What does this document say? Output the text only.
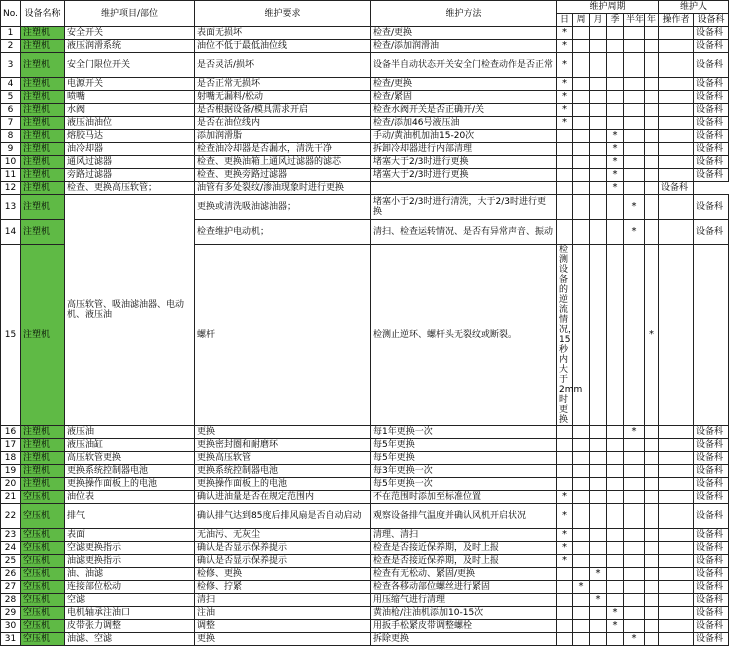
No.	设备名称	维护项目/部位	维护要求	维护方法	维护周期						维护人		
					日	周	月	季	半年	年	操作者	设备科	
1	注塑机	安全开关	表面无损坏	检查/更换	*							设备科	
2	注塑机	液压润滑系统	油位不低于最低油位线	检查/添加润滑油	*							设备科	
3	注塑机	安全门限位开关	是否灵活/损坏	设备半自动状态开关安全门检查动作是否正常	*							设备科	
4	注塑机	电源开关	是否正常无损坏	检查/更换	*							设备科	
5	注塑机	喷嘴	射嘴无漏料/松动	检查/紧固	*							设备科	
6	注塑机	水阀	是否根据设备/模具需求开启	检查水阀开关是否正确开/关	*							设备科	
7	注塑机	液压油油位	是否在油位线内	检查/添加46号液压油	*							设备科	
8	注塑机	熔胶马达	添加润滑脂	手动/黄油机加油15-20次				*				设备科	
9	注塑机	油冷却器	检查油冷却器是否漏水，清洗干净	拆卸冷却器进行内部清理				*				设备科	
10	注塑机	通风过滤器	检查、更换油箱上通风过滤器的滤芯	堵塞大于2/3时进行更换				*				设备科	
11	注塑机	旁路过滤器	检查、更换旁路过滤器	堵塞大于2/3时进行更换				*				设备科	
12	注塑机	检查、更换高压软管；	油管有多处裂纹/渗油现象时进行更换					*			设备科		
13	注塑机	高压软管、吸油滤油器、电动机、液压油	更换或清洗吸油滤油器；	堵塞小于2/3时进行清洗，大于2/3时进行更换					*			设备科	
14	注塑机		检查维护电动机；	清扫、检查运转情况、是否有异常声音、振动					*			设备科	
15	注塑机		螺杆	检测止逆环、螺杆头无裂纹或断裂。	检测设备的逆流情况，15秒内大于2mm时更换					*			
16	注塑机	液压油	更换	每1年更换一次					*			设备科	
17	注塑机	液压油缸	更换密封圈和耐磨环	每5年更换								设备科	
18	注塑机	高压软管更换	更换高压软管	每5年更换								设备科	
19	注塑机	更换系统控制器电池	更换系统控制器电池	每3年更换一次								设备科	
20	注塑机	更换操作面板上的电池	更换操作面板上的电池	每5年更换一次								设备科	
21	空压机	油位表	确认进油量是否在规定范围内	不在范围时添加至标准位置	*							设备科	
22	空压机	排气	确认排气达到85度后排风扇是否自动启动	观察设备排气温度并确认风机开启状况	*							设备科	
23	空压机	表面	无油污、无灰尘	清理、清扫	*							设备科	
24	空压机	空滤更换指示	确认是否显示保养提示	检查是否接近保养期，及时上报	*							设备科	
25	空压机	油滤更换指示	确认是否显示保养提示	检查是否接近保养期，及时上报	*							设备科	
26	空压机	油、油滤	检修、更换	检查有无松动、紧固/更换			*					设备科	
27	空压机	连接部位松动	检修、拧紧	检查各移动部位螺丝进行紧固		*						设备科	
28	空压机	空滤	清扫	用压缩气进行清理			*					设备科	
29	空压机	电机轴承注油口	注油	黄油枪/注油机添加10-15次				*				设备科	
30	空压机	皮带张力调整	调整	用扳手松紧皮带调整螺栓				*				设备科	
31	空压机	油滤、空滤	更换	拆除更换					*			设备科	
